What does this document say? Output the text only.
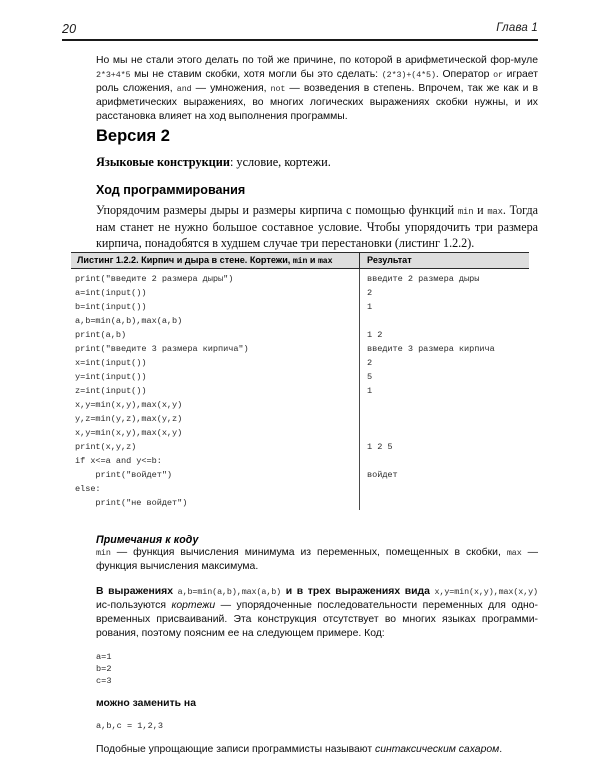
20	Глава 1

Но мы не стали этого делать по той же причине, по которой в арифметической фор-муле 2*3+4*5 мы не ставим скобки, хотя могли бы это сделать: (2*3)+(4*5). Оператор or играет роль сложения, and — умножения, not — возведения в степень. Впрочем, так же как и в арифметических выражениях, во многих логических выражениях скобки нужны, и их расстановка влияет на ход выполнения программы.

Версия 2
Языковые конструкции: условие, кортежи.
Ход программирования

Упорядочим размеры дыры и размеры кирпича с помощью функций min и max. Тогда нам станет не нужно большое составное условие. Чтобы упорядочить три размера кирпича, понадобятся в худшем случае три перестановки (листинг 1.2.2).

Листинг 1.2.2. Кирпич и дыра в стене. Кортежи, min и max	Результат
print("введите 2 размера дыры")
a=int(input())
b=int(input())
a,b=min(a,b),max(a,b)
print(a,b)
print("введите 3 размера кирпича")
x=int(input())
y=int(input())
z=int(input())
x,y=min(x,y),max(x,y)
y,z=min(y,z),max(y,z)
x,y=min(x,y),max(x,y)
print(x,y,z)
if x<=a and y<=b:
print("войдет")
else:
print("не войдет")
введите 2 размера дыры
2
1

1 2
введите 3 размера кирпича
2
5
1

1 2 5

войдет

Примечания к коду

min — функция вычисления минимума из переменных, помещенных в скобки, max — функция вычисления максимума.

В выражениях a,b=min(a,b),max(a,b) и в трех выражениях вида x,y=min(x,y),max(x,y) ис-пользуются кортежи — упорядоченные последовательности переменных для одно-временных присваиваний. Эта конструкция отсутствует во многих языках программи-рования, поэтому поясним ее на следующем примере. Код:

a=1
b=2
c=3

можно заменить на

a,b,c = 1,2,3

Подобные упрощающие записи программисты называют синтаксическим сахаром.
